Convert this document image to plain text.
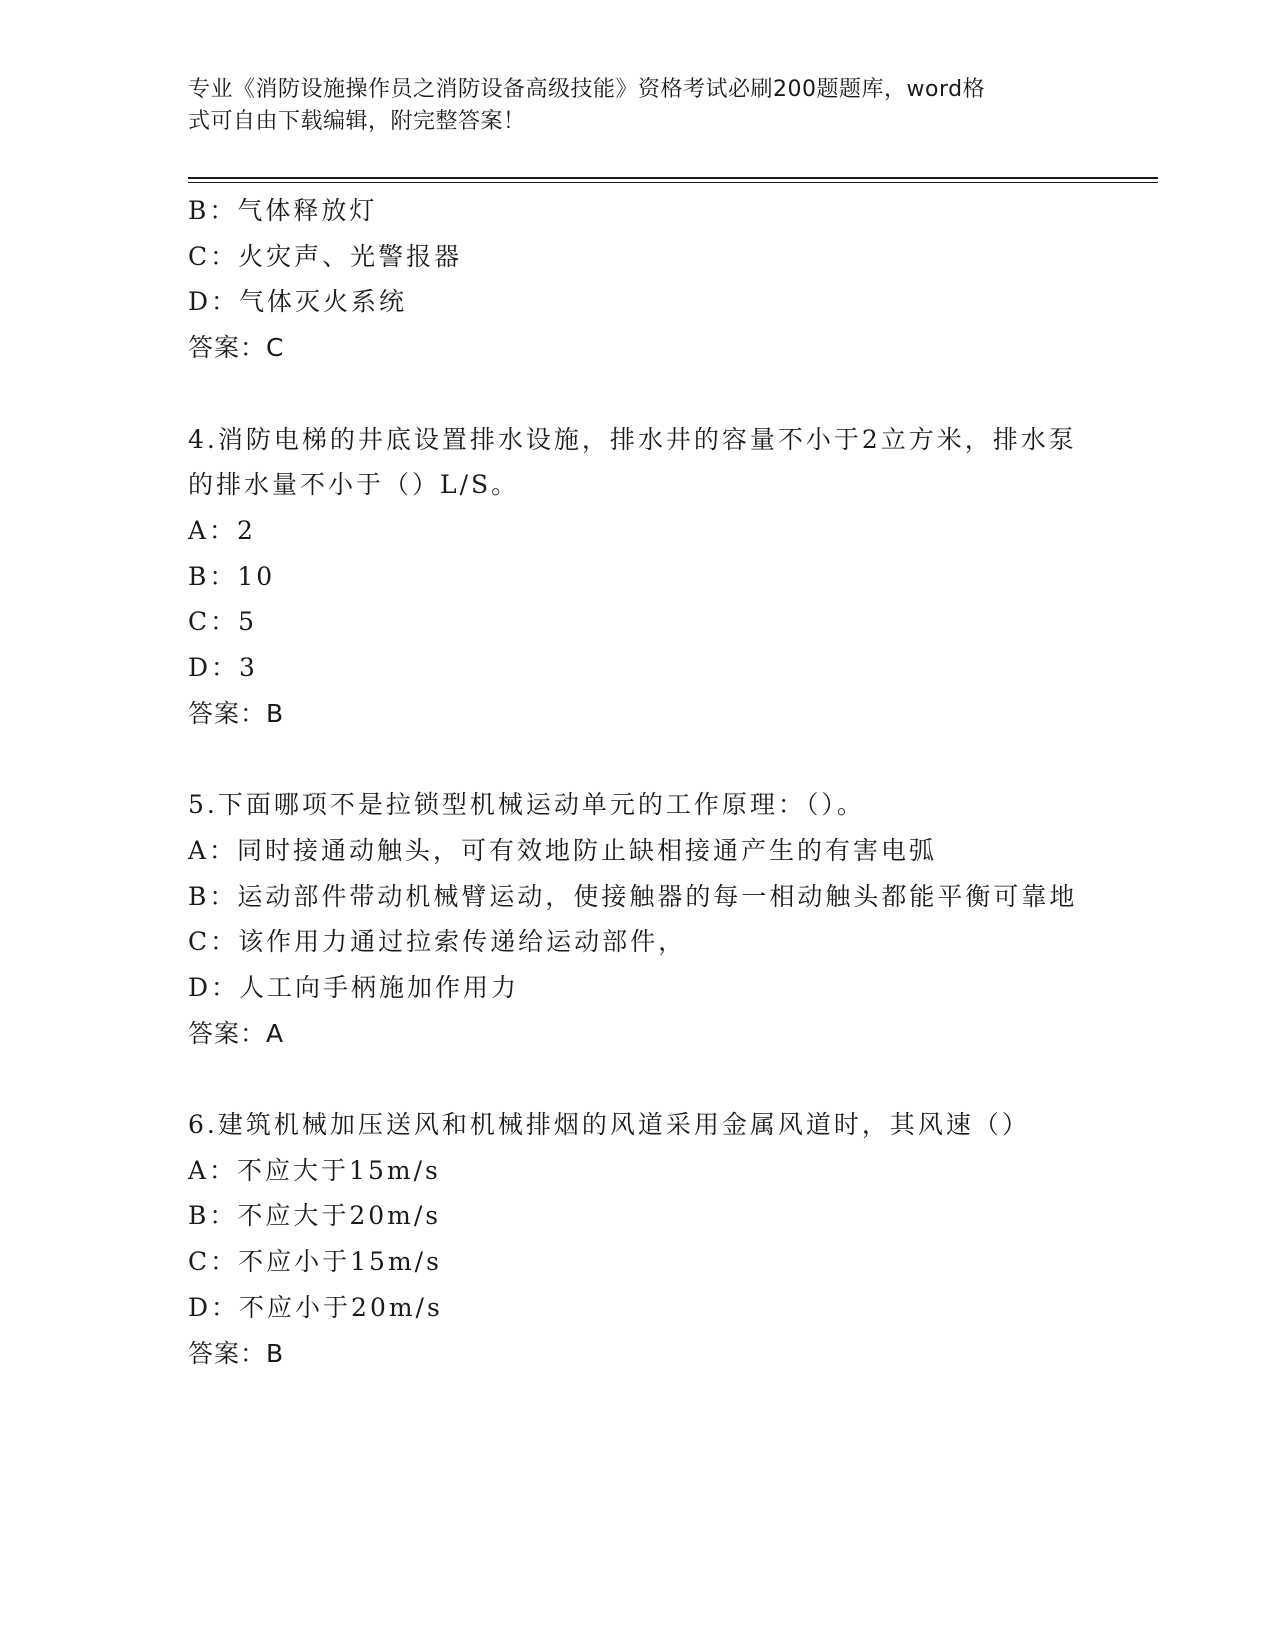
专业《消防设施操作员之消防设备高级技能》资格考试必刷200题题库，word格
式可自由下载编辑，附完整答案！
B：气体释放灯
C：火灾声、光警报器
D：气体灭火系统
答案：C
4.消防电梯的井底设置排水设施，排水井的容量不小于2立方米，排水泵的排水量不小于（）L/S。
A：2
B：10
C：5
D：3
答案：B
5.下面哪项不是拉锁型机械运动单元的工作原理：（）。
A：同时接通动触头，可有效地防止缺相接通产生的有害电弧
B：运动部件带动机械臂运动，使接触器的每一相动触头都能平衡可靠地
C：该作用力通过拉索传递给运动部件，
D：人工向手柄施加作用力
答案：A
6.建筑机械加压送风和机械排烟的风道采用金属风道时，其风速（）
A：不应大于15m/s
B：不应大于20m/s
C：不应小于15m/s
D：不应小于20m/s
答案：B
